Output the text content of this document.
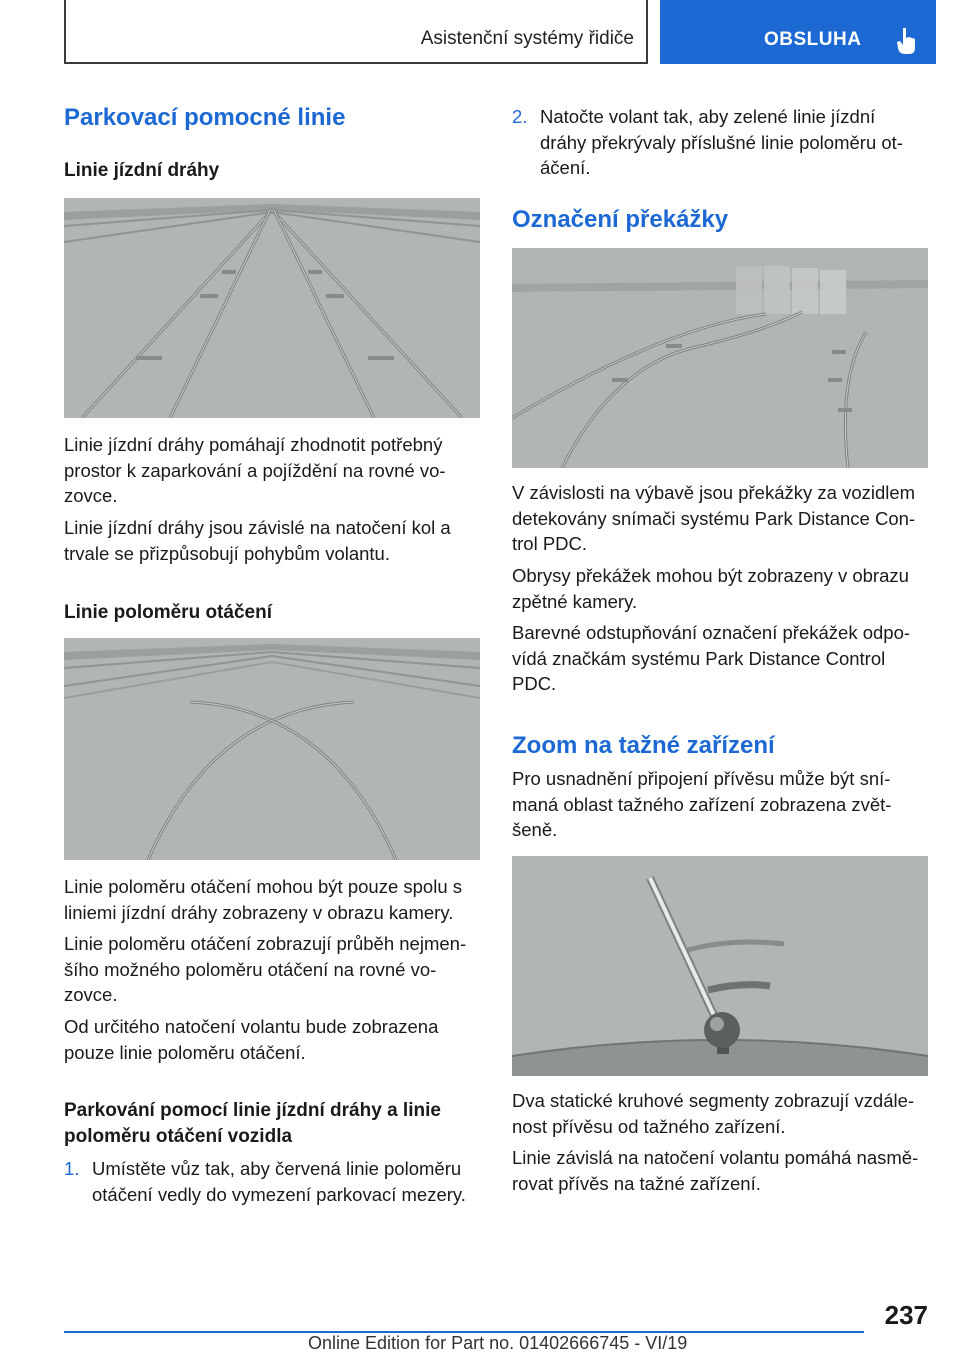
Asistenční systémy řidiče	OBSLUHA
Parkovací pomocné linie
Linie jízdní dráhy
Linie jízdní dráhy pomáhají zhodnotit potřebný
prostor k zaparkování a pojíždění na rovné vo-
zovce.
Linie jízdní dráhy jsou závislé na natočení kol a
trvale se přizpůsobují pohybům volantu.
Linie poloměru otáčení
Linie poloměru otáčení mohou být pouze spolu s
liniemi jízdní dráhy zobrazeny v obrazu kamery.
Linie poloměru otáčení zobrazují průběh nejmen-
šího možného poloměru otáčení na rovné vo-
zovce.
Od určitého natočení volantu bude zobrazena
pouze linie poloměru otáčení.
Parkování pomocí linie jízdní dráhy a linie
poloměru otáčení vozidla
1. Umístěte vůz tak, aby červená linie poloměru
otáčení vedly do vymezení parkovací mezery.
2. Natočte volant tak, aby zelené linie jízdní
dráhy překrývaly příslušné linie poloměru ot-
áčení.
Označení překážky
V závislosti na výbavě jsou překážky za vozidlem
detekovány snímači systému Park Distance Con-
trol PDC.
Obrysy překážek mohou být zobrazeny v obrazu
zpětné kamery.
Barevné odstupňování označení překážek odpo-
vídá značkám systému Park Distance Control
PDC.
Zoom na tažné zařízení
Pro usnadnění připojení přívěsu může být sní-
maná oblast tažného zařízení zobrazena zvět-
šeně.
Dva statické kruhové segmenty zobrazují vzdále-
nost přívěsu od tažného zařízení.
Linie závislá na natočení volantu pomáhá nasmě-
rovat přívěs na tažné zařízení.
237
Online Edition for Part no. 01402666745 - VI/19
